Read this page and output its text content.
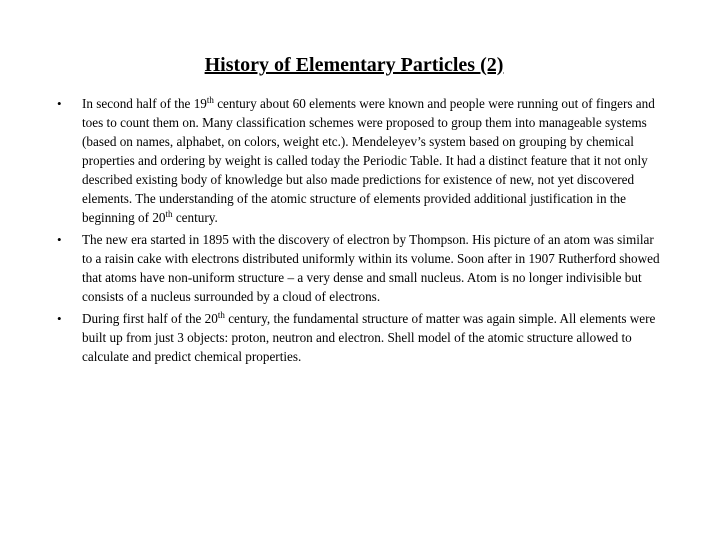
History of Elementary Particles (2)
• In second half of the 19th century about 60 elements were known and people were running out of fingers and toes to count them on. Many classification schemes were proposed to group them into manageable systems (based on names, alphabet, on colors, weight etc.). Mendeleyev’s system based on grouping by chemical properties and ordering by weight is called today the Periodic Table. It had a distinct feature that it not only described existing body of knowledge but also made predictions for existence of new, not yet discovered elements. The understanding of the atomic structure of elements provided additional justification in the beginning of 20th century.
• The new era started in 1895 with the discovery of electron by Thompson. His picture of an atom was similar to a raisin cake with electrons distributed uniformly within its volume. Soon after in 1907 Rutherford showed that atoms have non-uniform structure – a very dense and small nucleus. Atom is no longer indivisible but consists of a nucleus surrounded by a cloud of electrons.
• During first half of the 20th century, the fundamental structure of matter was again simple. All elements were built up from just 3 objects: proton, neutron and electron. Shell model of the atomic structure allowed to calculate and predict chemical properties.
